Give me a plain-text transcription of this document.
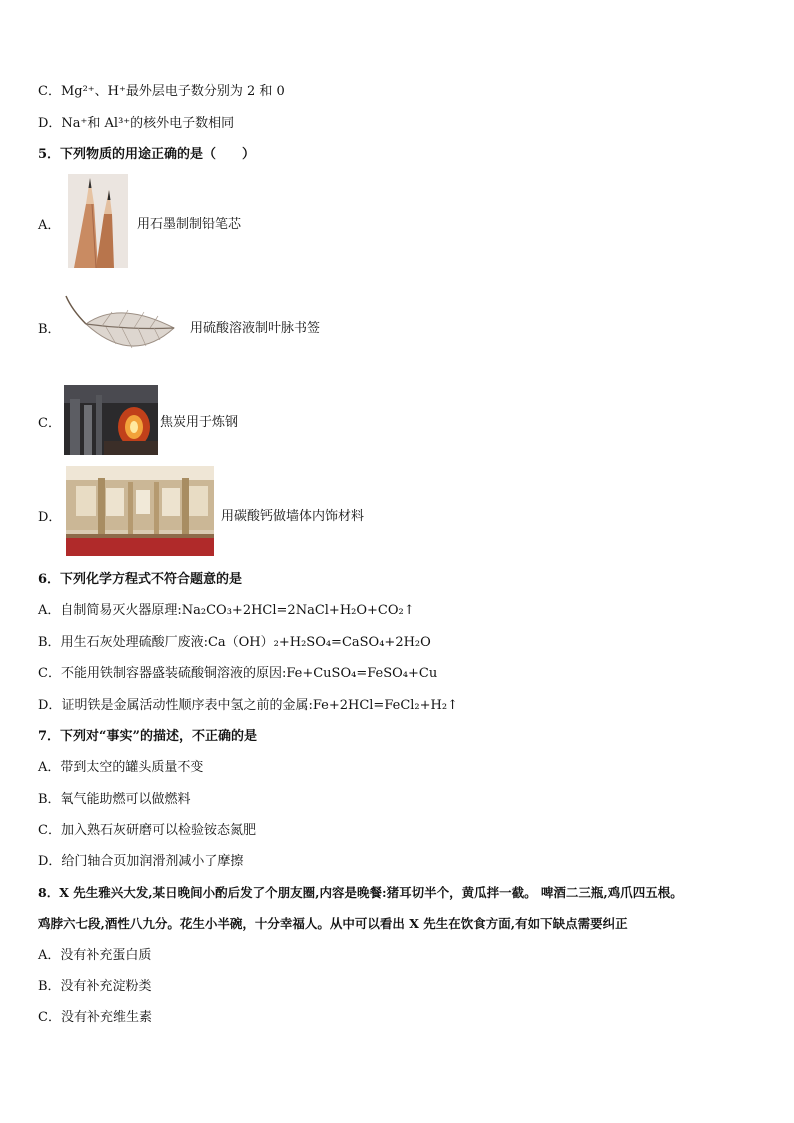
C．Mg²⁺、H⁺最外层电子数分别为 2 和 0
D．Na⁺和 Al³⁺的核外电子数相同
5．下列物质的用途正确的是（　　）
A．	用石墨制制铅笔芯
B．	用硫酸溶液制叶脉书签
C．	焦炭用于炼钢
D．	用碳酸钙做墙体内饰材料
6．下列化学方程式不符合题意的是
A．自制简易灭火器原理:Na₂CO₃+2HCl=2NaCl+H₂O+CO₂↑
B．用生石灰处理硫酸厂废液:Ca（OH）₂+H₂SO₄=CaSO₄+2H₂O
C．不能用铁制容器盛装硫酸铜溶液的原因:Fe+CuSO₄=FeSO₄+Cu
D．证明铁是金属活动性顺序表中氢之前的金属:Fe+2HCl=FeCl₂+H₂↑
7．下列对“事实”的描述，不正确的是
A．带到太空的罐头质量不变
B．氧气能助燃可以做燃料
C．加入熟石灰研磨可以检验铵态氮肥
D．给门轴合页加润滑剂减小了摩擦
8．X 先生雅兴大发,某日晚间小酌后发了个朋友圈,内容是晚餐:猪耳切半个，黄瓜拌一截。 啤酒二三瓶,鸡爪四五根。
鸡脖六七段,酒性八九分。花生小半碗，十分幸福人。从中可以看出 X 先生在饮食方面,有如下缺点需要纠正
A．没有补充蛋白质
B．没有补充淀粉类
C．没有补充维生素
